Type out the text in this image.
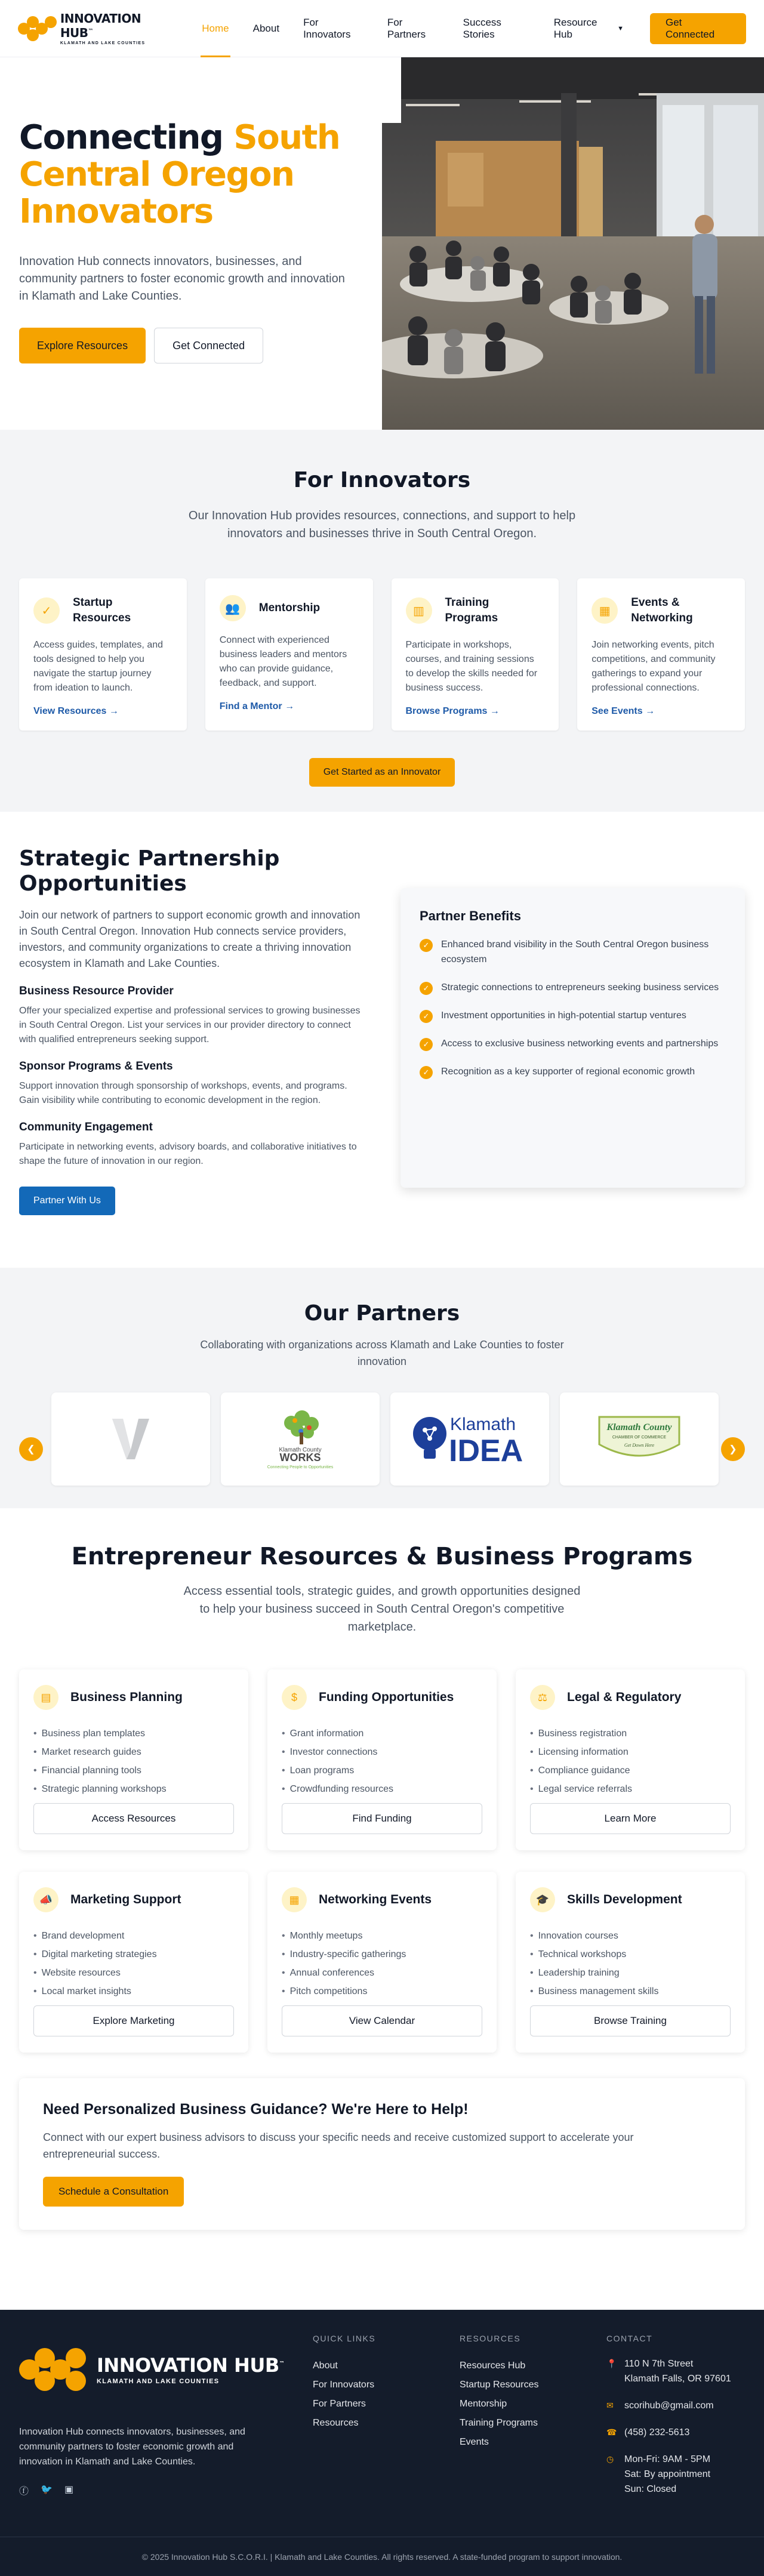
INNOVATION HUB™
KLAMATH AND LAKE COUNTIES
Home About
For Innovators
For Partners
Success Stories
Resource Hub	▼
Get Connected
Connecting South Central Oregon Innovators

Innovation Hub connects innovators, businesses, and community partners to foster economic growth and innovation in Klamath and Lake Counties.

Explore Resources	Get Connected
For Innovators

Our Innovation Hub provides resources, connections, and support to help innovators and businesses thrive in South Central Oregon.

✓
Startup Resources

Access guides, templates, and tools designed to help you navigate the startup journey from ideation to launch.

View Resources →
👥	Mentorship

Connect with experienced business leaders and mentors who can provide guidance, feedback, and support.

Find a Mentor →
▥
Training Programs

Participate in workshops, courses, and training sessions to develop the skills needed for business success.

Browse Programs →
▦
Events & Networking

Join networking events, pitch competitions, and community gatherings to expand your professional connections.

See Events →
Get Started as an Innovator
Strategic Partnership Opportunities

Join our network of partners to support economic growth and innovation in South Central Oregon. Innovation Hub connects service providers, investors, and community organizations to create a thriving innovation ecosystem in Klamath and Lake Counties.

Business Resource Provider

Offer your specialized expertise and professional services to growing businesses in South Central Oregon. List your services in our provider directory to connect with qualified entrepreneurs seeking support.

Sponsor Programs & Events

Support innovation through sponsorship of workshops, events, and programs. Gain visibility while contributing to economic development in the region.

Community Engagement

Participate in networking events, advisory boards, and collaborative initiatives to shape the future of innovation in our region.

Partner With Us
Partner Benefits
✓	Enhanced brand visibility in the South Central Oregon business ecosystem
✓	Strategic connections to entrepreneurs seeking business services
✓	Investment opportunities in high-potential startup ventures
✓	Access to exclusive business networking events and partnerships
✓	Recognition as a key supporter of regional economic growth
Our Partners

Collaborating with organizations across Klamath and Lake Counties to foster innovation

Klamath County
WORKS
Connecting People to Opportunities
Klamath
IDEA
Klamath County
CHAMBER OF COMMERCE
Get Down Here
❮	❯
Entrepreneur Resources & Business Programs

Access essential tools, strategic guides, and growth opportunities designed to help your business succeed in South Central Oregon's competitive marketplace.

▤	Business Planning
• Business plan templates
• Market research guides
• Financial planning tools
• Strategic planning workshops
Access Resources
$	Funding Opportunities
• Grant information
• Investor connections
• Loan programs
• Crowdfunding resources
Find Funding
⚖	Legal & Regulatory
• Business registration
• Licensing information
• Compliance guidance
• Legal service referrals
Learn More
📣	Marketing Support
• Brand development
• Digital marketing strategies
• Website resources
• Local market insights
Explore Marketing
▦	Networking Events
• Monthly meetups
• Industry-specific gatherings
• Annual conferences
• Pitch competitions
View Calendar
🎓	Skills Development
• Innovation courses
• Technical workshops
• Leadership training
• Business management skills
Browse Training
Need Personalized Business Guidance? We're Here to Help!

Connect with our expert business advisors to discuss your specific needs and receive customized support to accelerate your entrepreneurial success.

Schedule a Consultation
INNOVATION HUB™
KLAMATH AND LAKE COUNTIES

Innovation Hub connects innovators, businesses, and community partners to foster economic growth and innovation in Klamath and Lake Counties.

ⓕ 🐦 ▣
QUICK LINKS
About
For Innovators
For Partners
Resources
RESOURCES
Resources Hub
Startup Resources
Mentorship
Training Programs
Events
CONTACT
📍 110 N 7th Street
Klamath Falls, OR 97601
✉ scorihub@gmail.com
☎ (458) 232-5613
◷ Mon-Fri: 9AM - 5PM
Sat: By appointment
Sun: Closed
© 2025 Innovation Hub S.C.O.R.I. | Klamath and Lake Counties. All rights reserved. A state-funded program to support innovation.
